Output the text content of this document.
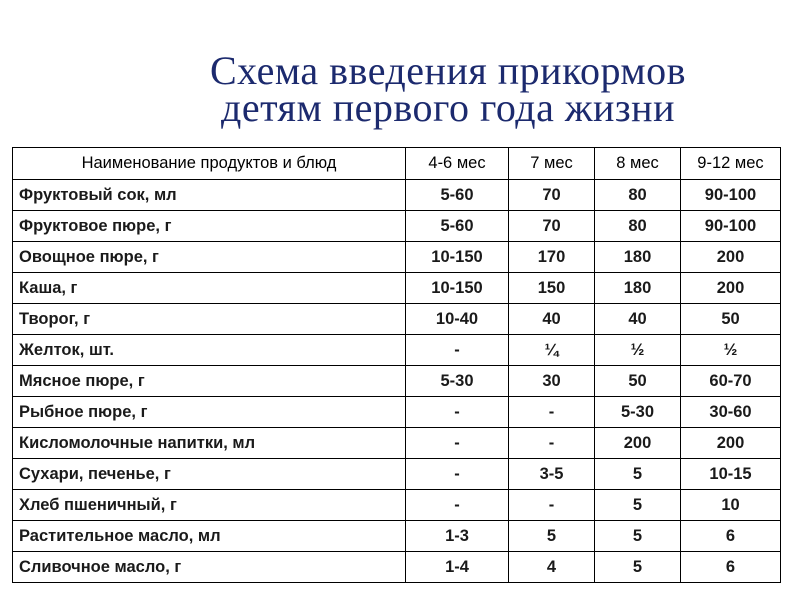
Схема введения прикормов
детям первого года жизни
Наименование продуктов и блюд	4-6 мес	7 мес	8 мес	9-12 мес
Фруктовый сок, мл	5-60	70	80	90-100
Фруктовое пюре, г	5-60	70	80	90-100
Овощное пюре, г	10-150	170	180	200
Каша, г	10-150	150	180	200
Творог, г	10-40	40	40	50
Желток, шт.	-	¼	½	½
Мясное пюре, г	5-30	30	50	60-70
Рыбное пюре, г	-	-	5-30	30-60
Кисломолочные напитки, мл	-	-	200	200
Сухари, печенье, г	-	3-5	5	10-15
Хлеб пшеничный, г	-	-	5	10
Растительное масло, мл	1-3	5	5	6
Сливочное масло, г	1-4	4	5	6
